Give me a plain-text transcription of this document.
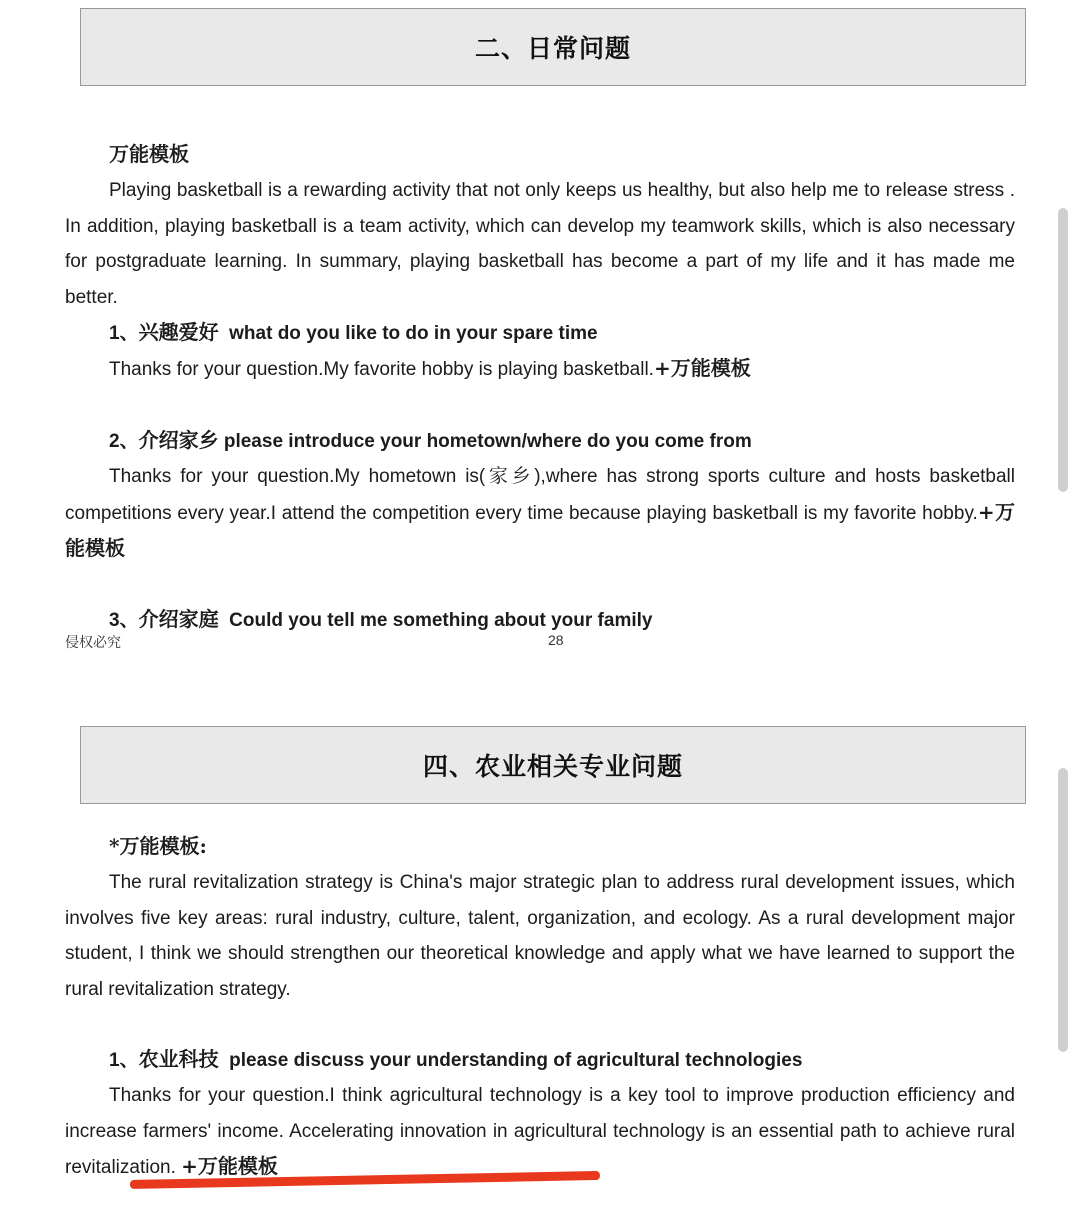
二、日常问题

万能模板

Playing basketball is a rewarding activity that not only keeps us healthy, but also help me to release stress . In addition, playing basketball is a team activity, which can develop my teamwork skills, which is also necessary for postgraduate learning. In summary, playing basketball has become a part of my life and it has made me better.

1、兴趣爱好 what do you like to do in your spare time

Thanks for your question.My favorite hobby is playing basketball.+万能模板

2、介绍家乡 please introduce your hometown/where do you come from

Thanks for your question.My hometown is(家乡),where has strong sports culture and hosts basketball competitions every year.I attend the competition every time because playing basketball is my favorite hobby.+万能模板

3、介绍家庭 Could you tell me something about your family

侵权必究	28
四、农业相关专业问题

*万能模板:

The rural revitalization strategy is China's major strategic plan to address rural development issues, which involves five key areas: rural industry, culture, talent, organization, and ecology. As a rural development major student, I think we should strengthen our theoretical knowledge and apply what we have learned to support the rural revitalization strategy.

1、农业科技 please discuss your understanding of agricultural technologies

Thanks for your question.I think agricultural technology is a key tool to improve production efficiency and increase farmers' income. Accelerating innovation in agricultural technology is an essential path to achieve rural revitalization. +万能模板
